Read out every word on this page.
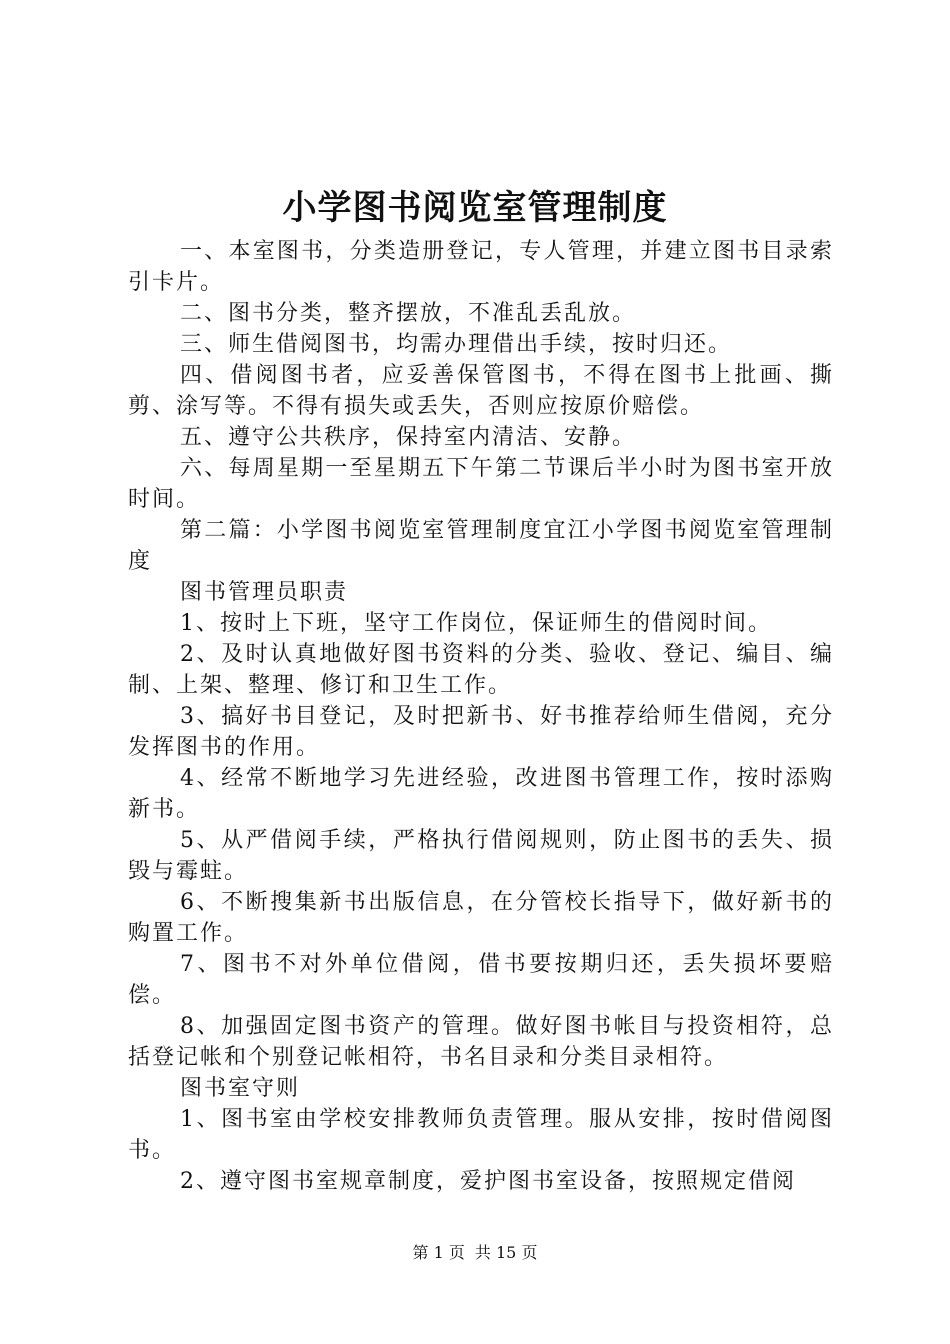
小学图书阅览室管理制度

一、本室图书，分类造册登记，专人管理，并建立图书目录索引卡片。

二、图书分类，整齐摆放，不准乱丢乱放。

三、师生借阅图书，均需办理借出手续，按时归还。

四、借阅图书者，应妥善保管图书，不得在图书上批画、撕剪、涂写等。不得有损失或丢失，否则应按原价赔偿。

五、遵守公共秩序，保持室内清洁、安静。

六、每周星期一至星期五下午第二节课后半小时为图书室开放时间。

第二篇：小学图书阅览室管理制度宜江小学图书阅览室管理制度

图书管理员职责

1、按时上下班，坚守工作岗位，保证师生的借阅时间。

2、及时认真地做好图书资料的分类、验收、登记、编目、编制、上架、整理、修订和卫生工作。

3、搞好书目登记，及时把新书、好书推荐给师生借阅，充分发挥图书的作用。

4、经常不断地学习先进经验，改进图书管理工作，按时添购新书。

5、从严借阅手续，严格执行借阅规则，防止图书的丢失、损毁与霉蛀。

6、不断搜集新书出版信息，在分管校长指导下，做好新书的购置工作。

7、图书不对外单位借阅，借书要按期归还，丢失损坏要赔偿。

8、加强固定图书资产的管理。做好图书帐目与投资相符，总括登记帐和个别登记帐相符，书名目录和分类目录相符。

图书室守则

1、图书室由学校安排教师负责管理。服从安排，按时借阅图书。

2、遵守图书室规章制度，爱护图书室设备，按照规定借阅

第 1 页 共 15 页
